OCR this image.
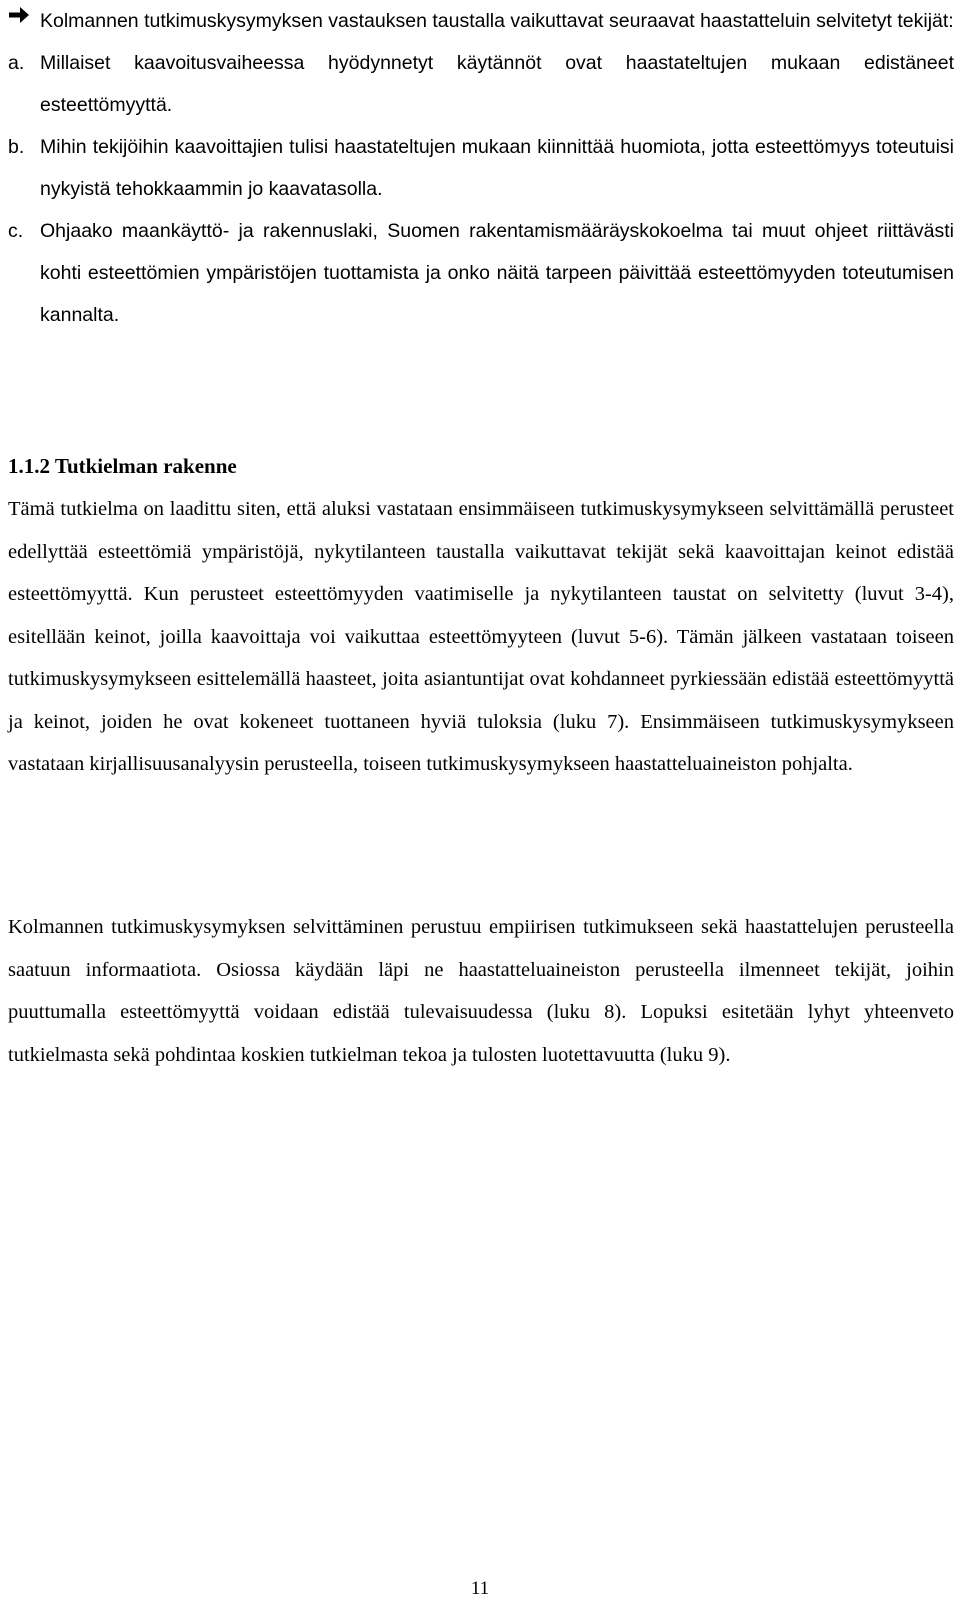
Kolmannen tutkimuskysymyksen vastauksen taustalla vaikuttavat seuraavat haastatteluin selvitetyt tekijät:
a. Millaiset kaavoitusvaiheessa hyödynnetyt käytännöt ovat haastateltujen mukaan edistäneet esteettömyyttä.
b. Mihin tekijöihin kaavoittajien tulisi haastateltujen mukaan kiinnittää huomiota, jotta esteettömyys toteutuisi nykyistä tehokkaammin jo kaavatasolla.
c. Ohjaako maankäyttö- ja rakennuslaki, Suomen rakentamismääräyskokoelma tai muut ohjeet riittävästi kohti esteettömien ympäristöjen tuottamista ja onko näitä tarpeen päivittää esteettömyyden toteutumisen kannalta.
1.1.2 Tutkielman rakenne
Tämä tutkielma on laadittu siten, että aluksi vastataan ensimmäiseen tutkimuskysymykseen selvittämällä perusteet edellyttää esteettömiä ympäristöjä, nykytilanteen taustalla vaikuttavat tekijät sekä kaavoittajan keinot edistää esteettömyyttä. Kun perusteet esteettömyyden vaatimiselle ja nykytilanteen taustat on selvitetty (luvut 3-4), esitellään keinot, joilla kaavoittaja voi vaikuttaa esteettömyyteen (luvut 5-6). Tämän jälkeen vastataan toiseen tutkimuskysymykseen esittelemällä haasteet, joita asiantuntijat ovat kohdanneet pyrkiessään edistää esteettömyyttä ja keinot, joiden he ovat kokeneet tuottaneen hyviä tuloksia (luku 7). Ensimmäiseen tutkimuskysymykseen vastataan kirjallisuusanalyysin perusteella, toiseen tutkimuskysymykseen haastatteluaineiston pohjalta.
Kolmannen tutkimuskysymyksen selvittäminen perustuu empiirisen tutkimukseen sekä haastattelujen perusteella saatuun informaatiota. Osiossa käydään läpi ne haastatteluaineiston perusteella ilmenneet tekijät, joihin puuttumalla esteettömyyttä voidaan edistää tulevaisuudessa (luku 8). Lopuksi esitetään lyhyt yhteenveto tutkielmasta sekä pohdintaa koskien tutkielman tekoa ja tulosten luotettavuutta (luku 9).
11
